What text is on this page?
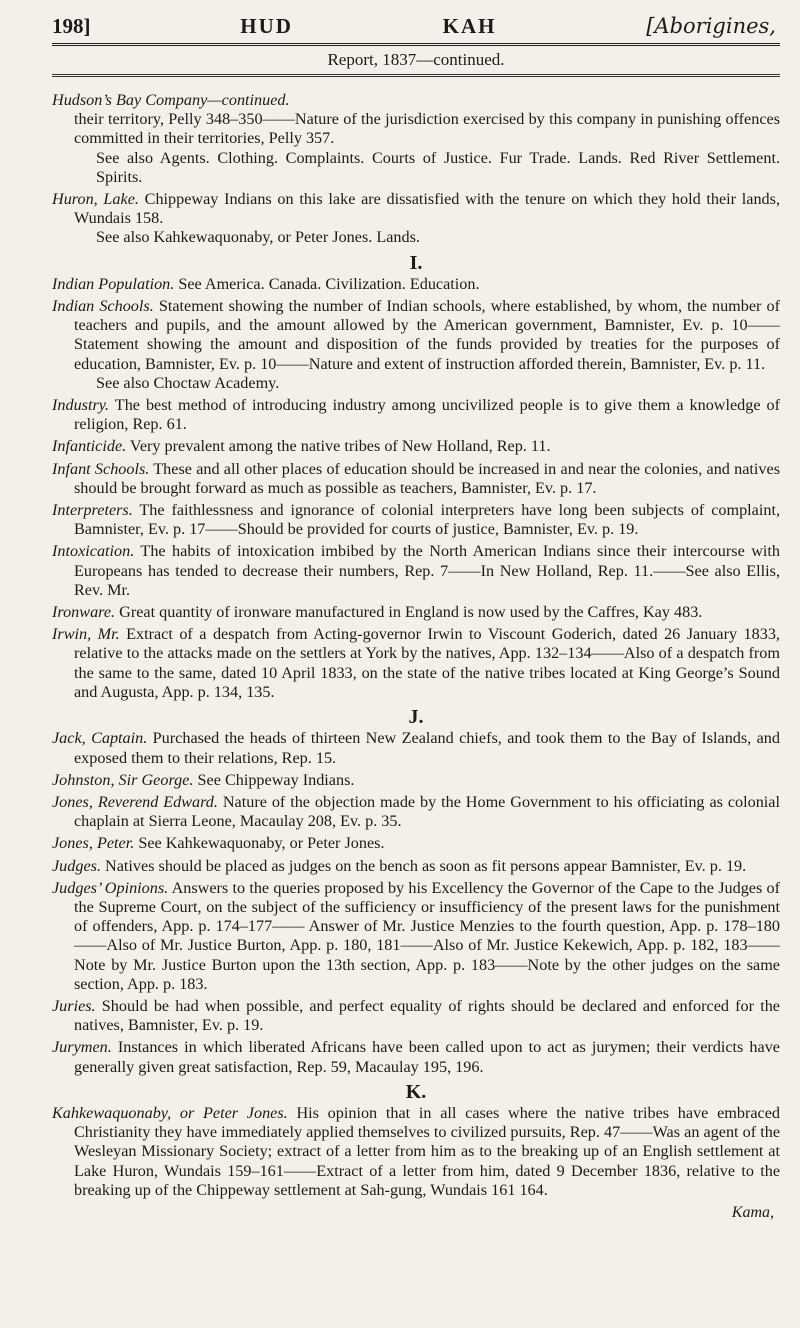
198]	HUD	KAH	[Aborigines,
Report, 1837—continued.

Hudson’s Bay Company—continued.
their territory, Pelly 348–350——Nature of the jurisdiction exercised by this company in punishing offences committed in their territories, Pelly 357.
See also Agents. Clothing. Complaints. Courts of Justice. Fur Trade. Lands. Red River Settlement. Spirits.

Huron, Lake. Chippeway Indians on this lake are dissatisfied with the tenure on which they hold their lands, Wundais 158.
See also Kahkewaquonaby, or Peter Jones. Lands.

I.

Indian Population. See America. Canada. Civilization. Education.

Indian Schools. Statement showing the number of Indian schools, where established, by whom, the number of teachers and pupils, and the amount allowed by the American government, Bamnister, Ev. p. 10——Statement showing the amount and disposition of the funds provided by treaties for the purposes of education, Bamnister, Ev. p. 10——Nature and extent of instruction afforded therein, Bamnister, Ev. p. 11.
See also Choctaw Academy.

Industry. The best method of introducing industry among uncivilized people is to give them a knowledge of religion, Rep. 61.

Infanticide. Very prevalent among the native tribes of New Holland, Rep. 11.

Infant Schools. These and all other places of education should be increased in and near the colonies, and natives should be brought forward as much as possible as teachers, Bamnister, Ev. p. 17.

Interpreters. The faithlessness and ignorance of colonial interpreters have long been subjects of complaint, Bamnister, Ev. p. 17——Should be provided for courts of justice, Bamnister, Ev. p. 19.

Intoxication. The habits of intoxication imbibed by the North American Indians since their intercourse with Europeans has tended to decrease their numbers, Rep. 7——In New Holland, Rep. 11.——See also Ellis, Rev. Mr.

Ironware. Great quantity of ironware manufactured in England is now used by the Caffres, Kay 483.

Irwin, Mr. Extract of a despatch from Acting-governor Irwin to Viscount Goderich, dated 26 January 1833, relative to the attacks made on the settlers at York by the natives, App. 132–134——Also of a despatch from the same to the same, dated 10 April 1833, on the state of the native tribes located at King George’s Sound and Augusta, App. p. 134, 135.

J.

Jack, Captain. Purchased the heads of thirteen New Zealand chiefs, and took them to the Bay of Islands, and exposed them to their relations, Rep. 15.

Johnston, Sir George. See Chippeway Indians.

Jones, Reverend Edward. Nature of the objection made by the Home Government to his officiating as colonial chaplain at Sierra Leone, Macaulay 208, Ev. p. 35.

Jones, Peter. See Kahkewaquonaby, or Peter Jones.

Judges. Natives should be placed as judges on the bench as soon as fit persons appear Bamnister, Ev. p. 19.

Judges’ Opinions. Answers to the queries proposed by his Excellency the Governor of the Cape to the Judges of the Supreme Court, on the subject of the sufficiency or insufficiency of the present laws for the punishment of offenders, App. p. 174–177—— Answer of Mr. Justice Menzies to the fourth question, App. p. 178–180——Also of Mr. Justice Burton, App. p. 180, 181——Also of Mr. Justice Kekewich, App. p. 182, 183——Note by Mr. Justice Burton upon the 13th section, App. p. 183——Note by the other judges on the same section, App. p. 183.

Juries. Should be had when possible, and perfect equality of rights should be declared and enforced for the natives, Bamnister, Ev. p. 19.

Jurymen. Instances in which liberated Africans have been called upon to act as jurymen; their verdicts have generally given great satisfaction, Rep. 59, Macaulay 195, 196.

K.

Kahkewaquonaby, or Peter Jones. His opinion that in all cases where the native tribes have embraced Christianity they have immediately applied themselves to civilized pursuits, Rep. 47——Was an agent of the Wesleyan Missionary Society; extract of a letter from him as to the breaking up of an English settlement at Lake Huron, Wundais 159–161——Extract of a letter from him, dated 9 December 1836, relative to the breaking up of the Chippeway settlement at Sah-gung, Wundais 161 164.

Kama,
